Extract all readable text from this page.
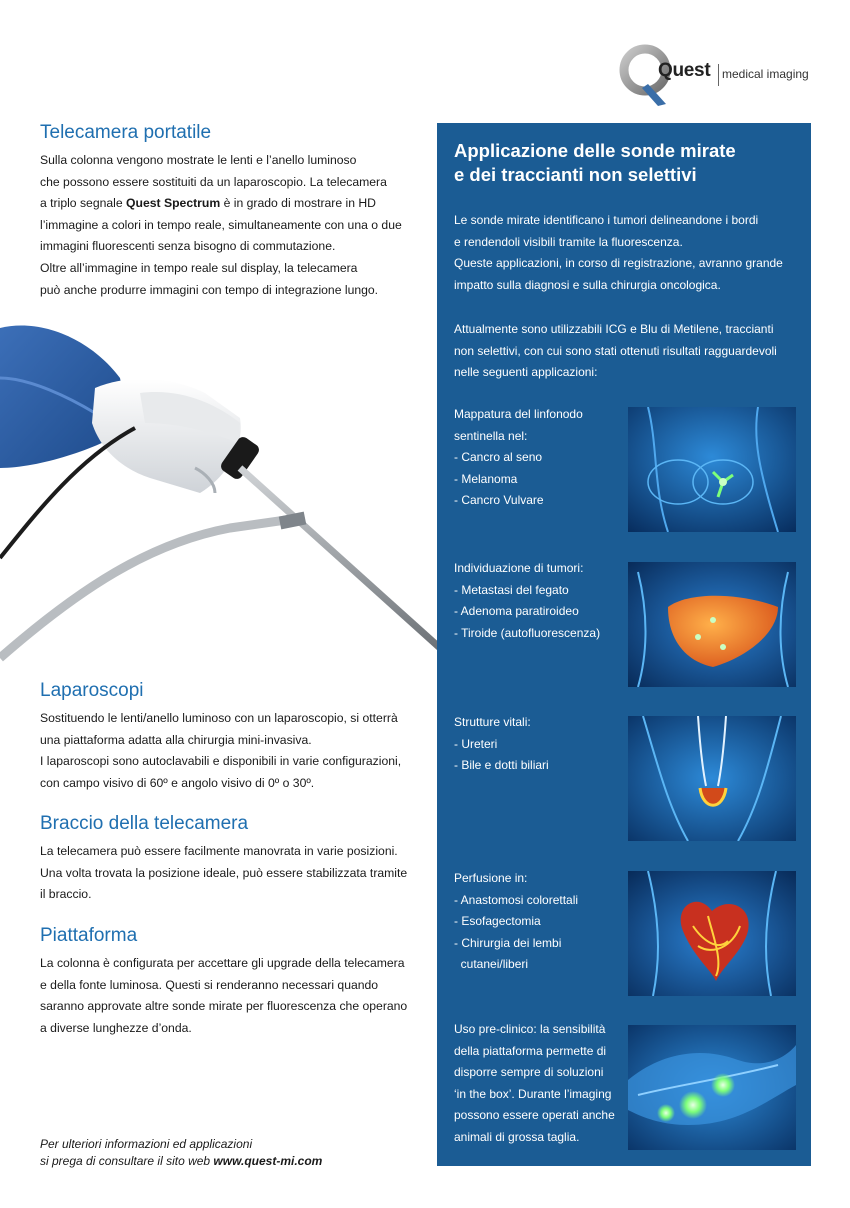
Quest medical imaging
Telecamera portatile

Sulla colonna vengono mostrate le lenti e l’anello luminoso
che possono essere sostituiti da un laparoscopio. La telecamera
a triplo segnale Quest Spectrum è in grado di mostrare in HD
l’immagine a colori in tempo reale, simultaneamente con una o due
immagini fluorescenti senza bisogno di commutazione.
Oltre all’immagine in tempo reale sul display, la telecamera
può anche produrre immagini con tempo di integrazione lungo.

Laparoscopi

Sostituendo le lenti/anello luminoso con un laparoscopio, si otterrà
una piattaforma adatta alla chirurgia mini-invasiva.
I laparoscopi sono autoclavabili e disponibili in varie configurazioni,
con campo visivo di 60º e angolo visivo di 0º o 30º.

Braccio della telecamera

La telecamera può essere facilmente manovrata in varie posizioni.
Una volta trovata la posizione ideale, può essere stabilizzata tramite
il braccio.

Piattaforma

La colonna è configurata per accettare gli upgrade della telecamera
e della fonte luminosa. Questi si renderanno necessari quando
saranno approvate altre sonde mirate per fluorescenza che operano
a diverse lunghezze d’onda.

Per ulteriori informazioni ed applicazioni
si prega di consultare il sito web www.quest-mi.com
Applicazione delle sonde mirate
e dei traccianti non selettivi
Le sonde mirate identificano i tumori delineandone i bordi
e rendendoli visibili tramite la fluorescenza.
Queste applicazioni, in corso di registrazione, avranno grande
impatto sulla diagnosi e sulla chirurgia oncologica.
Attualmente sono utilizzabili ICG e Blu di Metilene, traccianti
non selettivi, con cui sono stati ottenuti risultati ragguardevoli
nelle seguenti applicazioni:
Mappatura del linfonodo
sentinella nel:
- Cancro al seno
- Melanoma
- Cancro Vulvare
Individuazione di tumori:
- Metastasi del fegato
- Adenoma paratiroideo
- Tiroide (autofluorescenza)
Strutture vitali:
- Ureteri
- Bile e dotti biliari
Perfusione in:
- Anastomosi colorettali
- Esofagectomia
- Chirurgia dei lembi
cutanei/liberi
Uso pre-clinico: la sensibilità
della piattaforma permette di
disporre sempre di soluzioni
‘in the box’. Durante l’imaging
possono essere operati anche
animali di grossa taglia.
